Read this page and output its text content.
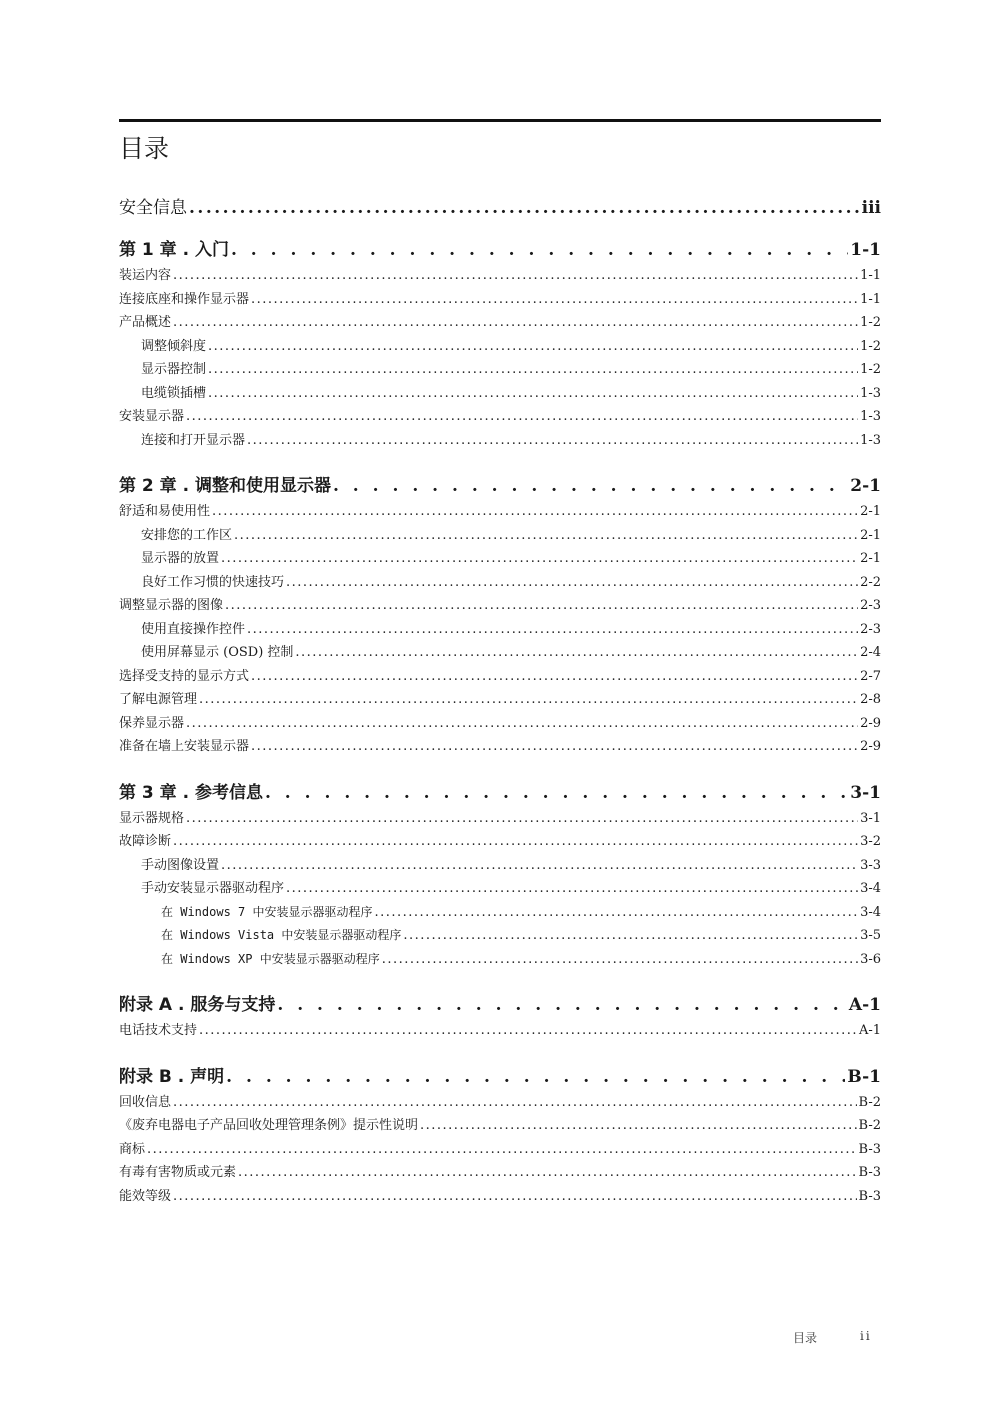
目录
安全信息 .....	iii
第 1 章 . 入门 . . .	1-1
装运内容 .....	1-1
连接底座和操作显示器 .....	1-1
产品概述 .....	1-2
调整倾斜度 .....	1-2
显示器控制 .....	1-2
电缆锁插槽 .....	1-3
安装显示器 .....	1-3
连接和打开显示器 .....	1-3
第 2 章 . 调整和使用显示器 . . .	2-1
舒适和易使用性 .....	2-1
安排您的工作区 .....	2-1
显示器的放置 .....	2-1
良好工作习惯的快速技巧 .....	2-2
调整显示器的图像 .....	2-3
使用直接操作控件 .....	2-3
使用屏幕显示 (OSD) 控制 .....	2-4
选择受支持的显示方式 .....	2-7
了解电源管理 .....	2-8
保养显示器 .....	2-9
准备在墙上安装显示器 .....	2-9
第 3 章 . 参考信息 . . .	3-1
显示器规格 .....	3-1
故障诊断 .....	3-2
手动图像设置 .....	3-3
手动安装显示器驱动程序 .....	3-4
在 Windows 7 中安装显示器驱动程序 .....	3-4
在 Windows Vista 中安装显示器驱动程序 .....	3-5
在 Windows XP 中安装显示器驱动程序 .....	3-6
附录 A . 服务与支持 . . .	A-1
电话技术支持 .....	A-1
附录 B . 声明 . . .	B-1
回收信息 .....	B-2
《废弃电器电子产品回收处理管理条例》提示性说明 .....	B-2
商标 .....	B-3
有毒有害物质或元素 .....	B-3
能效等级 .....	B-3
目录	ii
